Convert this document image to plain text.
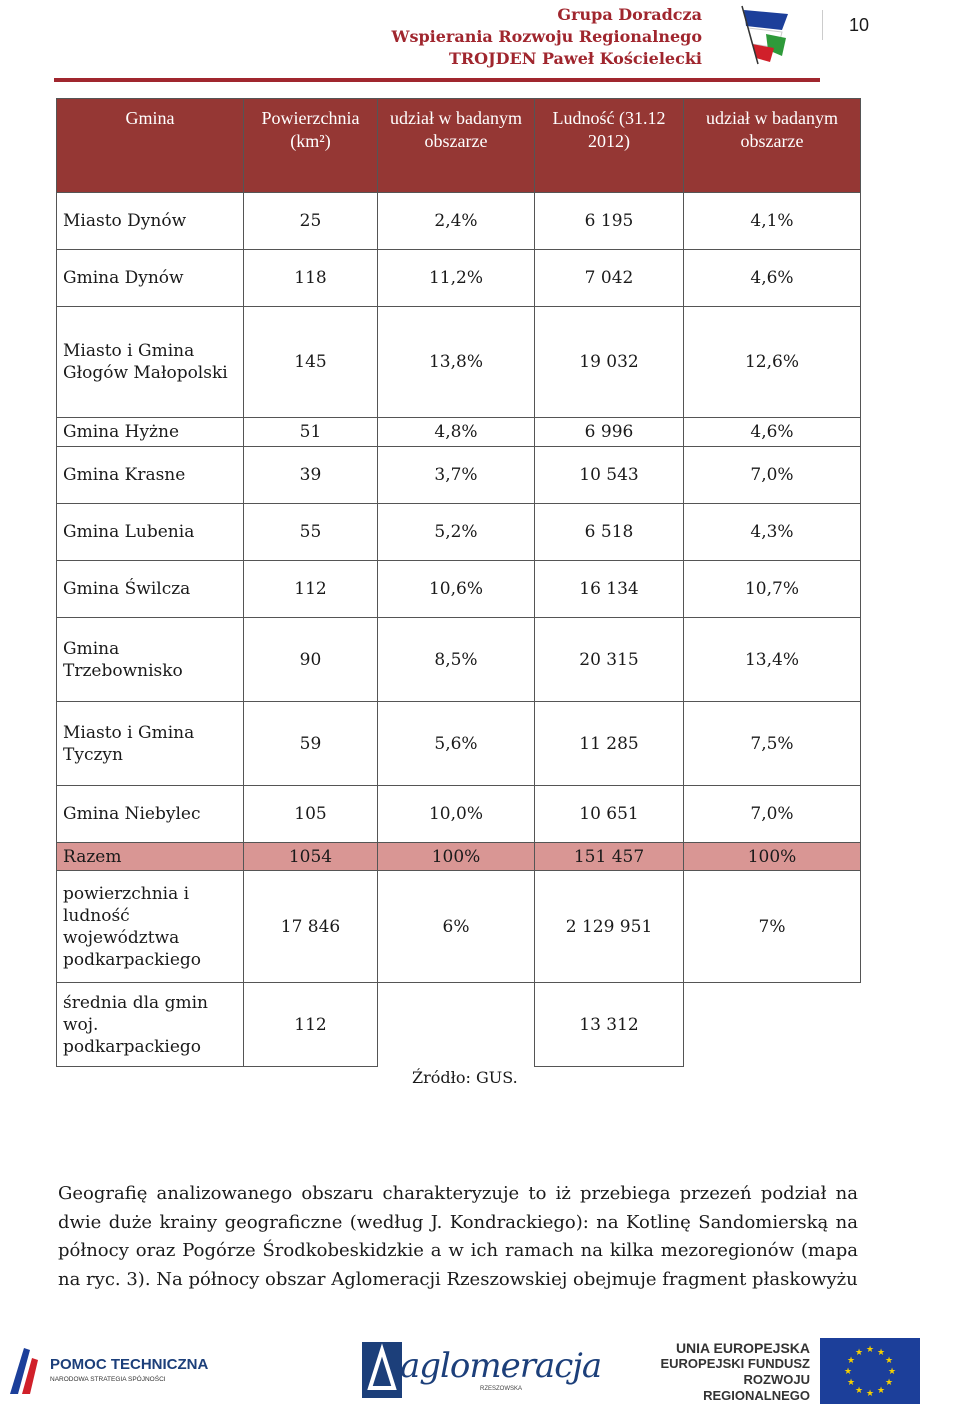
Grupa Doradcza
Wspierania Rozwoju Regionalnego
TROJDEN Paweł Kościelecki
10
Gmina	Powierzchnia (km²)	udział w badanym obszarze	Ludność (31.12 2012)	udział w badanym obszarze
Miasto Dynów	25	2,4%	6 195	4,1%
Gmina Dynów	118	11,2%	7 042	4,6%
Miasto i Gmina Głogów Małopolski	145	13,8%	19 032	12,6%
Gmina Hyżne	51	4,8%	6 996	4,6%
Gmina Krasne	39	3,7%	10 543	7,0%
Gmina Lubenia	55	5,2%	6 518	4,3%
Gmina Świlcza	112	10,6%	16 134	10,7%
Gmina Trzebownisko	90	8,5%	20 315	13,4%
Miasto i Gmina Tyczyn	59	5,6%	11 285	7,5%
Gmina Niebylec	105	10,0%	10 651	7,0%
Razem	1054	100%	151 457	100%
powierzchnia i ludność województwa podkarpackiego	17 846	6%	2 129 951	7%
średnia dla gmin woj. podkarpackiego	112		13 312	
Źródło: GUS.
Geografię analizowanego obszaru charakteryzuje to iż przebiega przezeń podział na dwie duże krainy geograficzne (według J. Kondrackiego): na Kotlinę Sandomierską na północy oraz Pogórze Środkobeskidzkie a w ich ramach na kilka mezoregionów (mapa na ryc. 3). Na północy obszar Aglomeracji Rzeszowskiej obejmuje fragment płaskowyżu
POMOC TECHNICZNA
NARODOWA STRATEGIA SPÓJNOŚCI	aglomeracja
RZESZOWSKA
UNIA EUROPEJSKA
EUROPEJSKI FUNDUSZ
ROZWOJU REGIONALNEGO
★ ★
★
★
★
★
★
★
★
★
★
★
